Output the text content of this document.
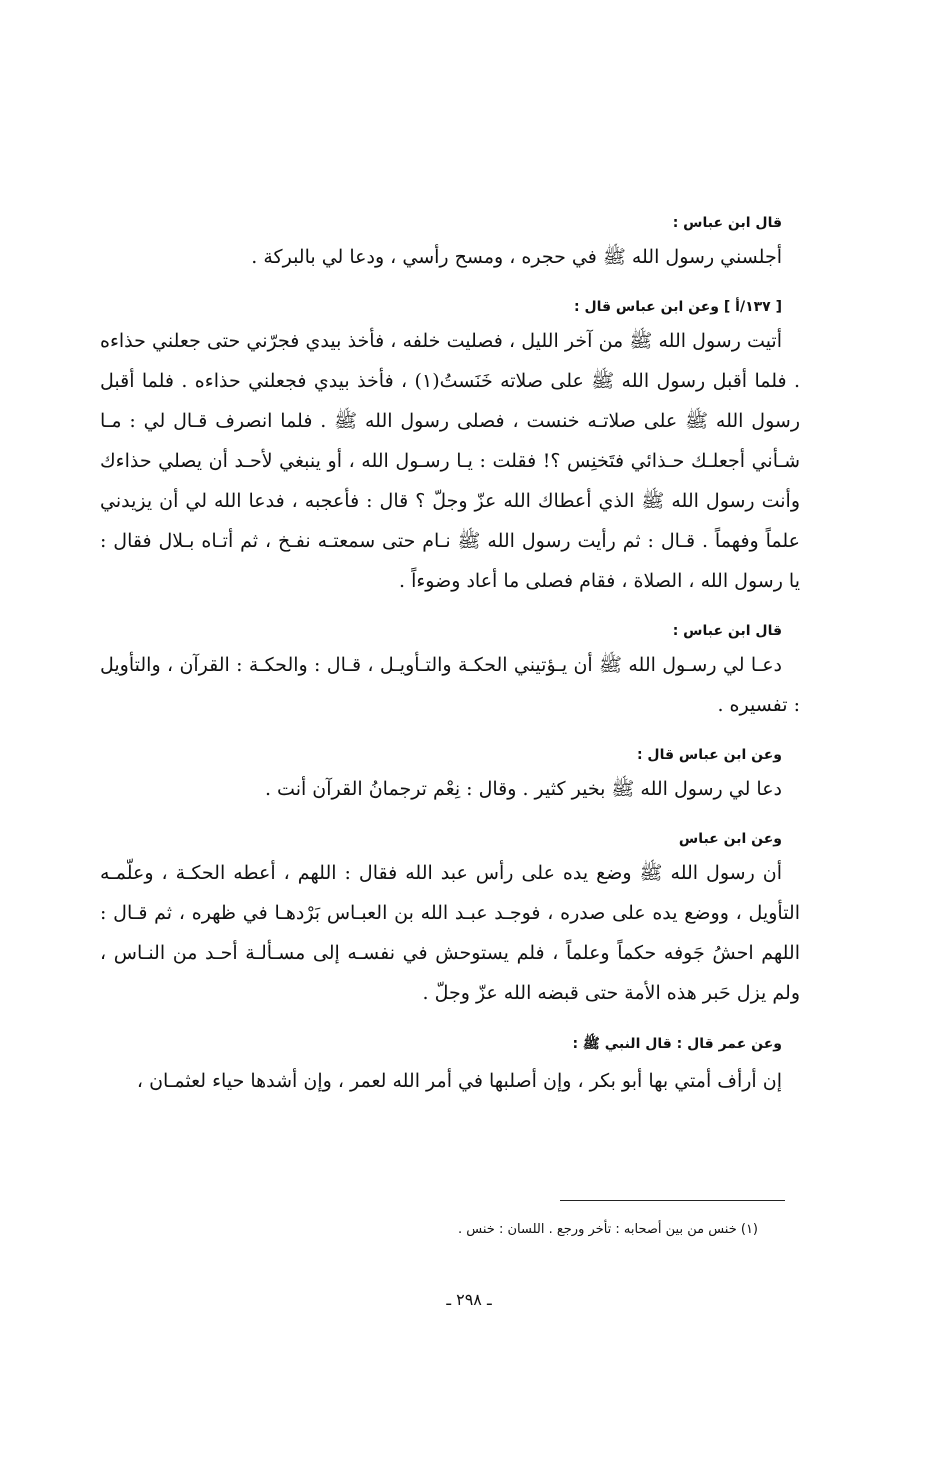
قال ابن عباس :

أجلسني رسول الله ﷺ في حجره ، ومسح رأسي ، ودعا لي بالبركة .

[ ١٣٧/أ ] وعن ابن عباس قال :

أتيت رسول الله ﷺ من آخر الليل ، فصليت خلفه ، فأخذ بيدي فجرّني حتى جعلني حذاءه . فلما أقبل رسول الله ﷺ على صلاته خَنَستُ(١) ، فأخذ بيدي فجعلني حذاءه . فلما أقبل رسول الله ﷺ على صلاتـه خنست ، فصلى رسول الله ﷺ . فلما انصرف قـال لي : مـا شـأني أجعلـك حـذائي فتَخنِس ؟! فقلت : يـا رسـول الله ، أو ينبغي لأحـد أن يصلي حذاءك وأنت رسول الله ﷺ الذي أعطاك الله عزّ وجلّ ؟ قال : فأعجبه ، فدعا الله لي أن يزيدني علماً وفهماً . قـال : ثم رأيت رسول الله ﷺ نـام حتى سمعتـه نفـخ ، ثم أتـاه بـلال فقال : يا رسول الله ، الصلاة ، فقام فصلى ما أعاد وضوءاً .

قال ابن عباس :

دعـا لي رسـول الله ﷺ أن يـؤتيني الحكـة والتـأويـل ، قـال : والحكـة : القرآن ، والتأويل : تفسيره .

وعن ابن عباس قال :

دعا لي رسول الله ﷺ بخير كثير . وقال : نِعْم ترجمانُ القرآن أنت .

وعن ابن عباس

أن رسول الله ﷺ وضع يده على رأس عبد الله فقال : اللهم ، أعطه الحكـة ، وعلّمـه التأويل ، ووضع يده على صدره ، فوجـد عبـد الله بن العبـاس بَرْدهـا في ظهره ، ثم قـال : اللهم احشُ جَوفه حكماً وعلماً ، فلم يستوحش في نفسـه إلى مسـألـة أحـد من النـاس ، ولم يزل حَبر هذه الأمة حتى قبضه الله عزّ وجلّ .

وعن عمر قال : قال النبي ﷺ :

إن أرأف أمتي بها أبو بكر ، وإن أصلبها في أمر الله لعمر ، وإن أشدها حياء لعثمـان ،

(١) خنس من بين أصحابه : تأخر ورجع . اللسان : خنس .
ـ ٢٩٨ ـ
